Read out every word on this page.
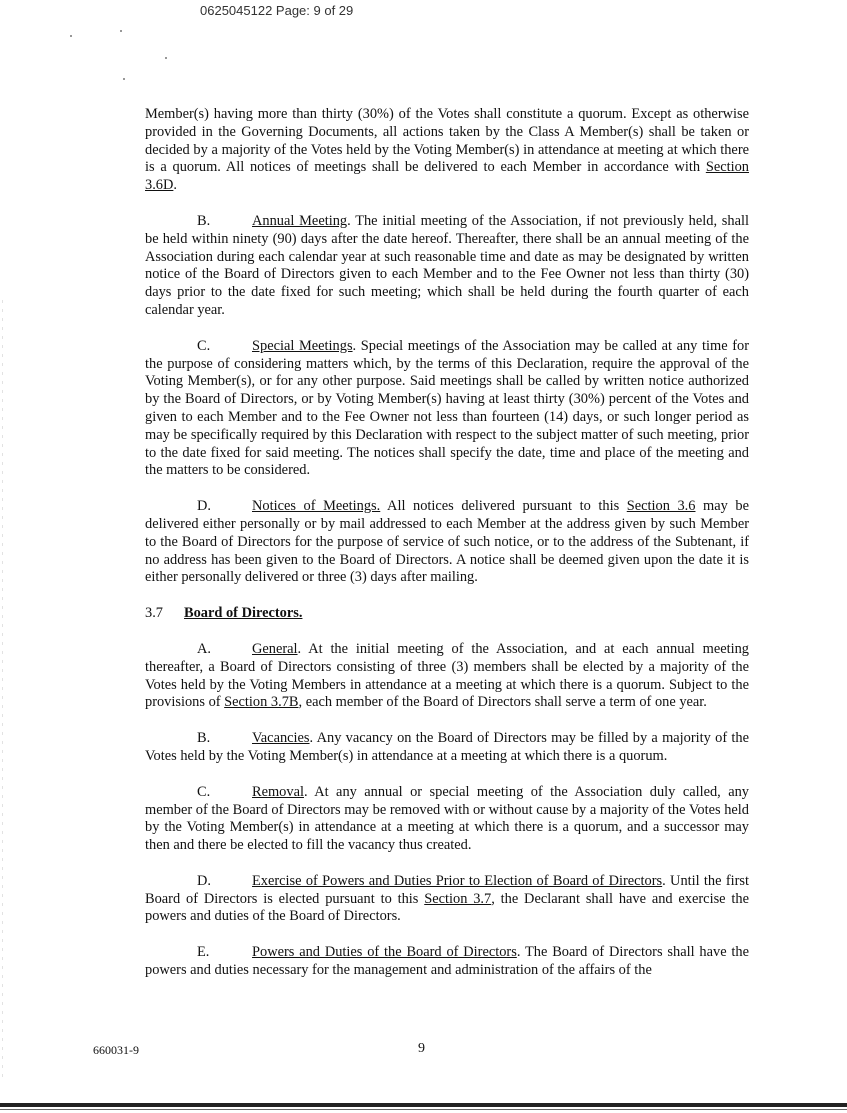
0625045122 Page: 9 of 29

Member(s) having more than thirty (30%) of the Votes shall constitute a quorum. Except as otherwise provided in the Governing Documents, all actions taken by the Class A Member(s) shall be taken or decided by a majority of the Votes held by the Voting Member(s) in attendance at meeting at which there is a quorum. All notices of meetings shall be delivered to each Member in accordance with Section 3.6D.

B.	Annual Meeting. The initial meeting of the Association, if not previously held, shall be held within ninety (90) days after the date hereof. Thereafter, there shall be an annual meeting of the Association during each calendar year at such reasonable time and date as may be designated by written notice of the Board of Directors given to each Member and to the Fee Owner not less than thirty (30) days prior to the date fixed for such meeting; which shall be held during the fourth quarter of each calendar year.

C.	Special Meetings. Special meetings of the Association may be called at any time for the purpose of considering matters which, by the terms of this Declaration, require the approval of the Voting Member(s), or for any other purpose. Said meetings shall be called by written notice authorized by the Board of Directors, or by Voting Member(s) having at least thirty (30%) percent of the Votes and given to each Member and to the Fee Owner not less than fourteen (14) days, or such longer period as may be specifically required by this Declaration with respect to the subject matter of such meeting, prior to the date fixed for said meeting. The notices shall specify the date, time and place of the meeting and the matters to be considered.

D.	Notices of Meetings. All notices delivered pursuant to this Section 3.6 may be delivered either personally or by mail addressed to each Member at the address given by such Member to the Board of Directors for the purpose of service of such notice, or to the address of the Subtenant, if no address has been given to the Board of Directors. A notice shall be deemed given upon the date it is either personally delivered or three (3) days after mailing.

3.7 Board of Directors.

A.	General. At the initial meeting of the Association, and at each annual meeting thereafter, a Board of Directors consisting of three (3) members shall be elected by a majority of the Votes held by the Voting Members in attendance at a meeting at which there is a quorum. Subject to the provisions of Section 3.7B, each member of the Board of Directors shall serve a term of one year.

B.	Vacancies. Any vacancy on the Board of Directors may be filled by a majority of the Votes held by the Voting Member(s) in attendance at a meeting at which there is a quorum.

C.	Removal. At any annual or special meeting of the Association duly called, any member of the Board of Directors may be removed with or without cause by a majority of the Votes held by the Voting Member(s) in attendance at a meeting at which there is a quorum, and a successor may then and there be elected to fill the vacancy thus created.

D.	Exercise of Powers and Duties Prior to Election of Board of Directors. Until the first Board of Directors is elected pursuant to this Section 3.7, the Declarant shall have and exercise the powers and duties of the Board of Directors.

E.	Powers and Duties of the Board of Directors. The Board of Directors shall have the powers and duties necessary for the management and administration of the affairs of the

660031-9	9
